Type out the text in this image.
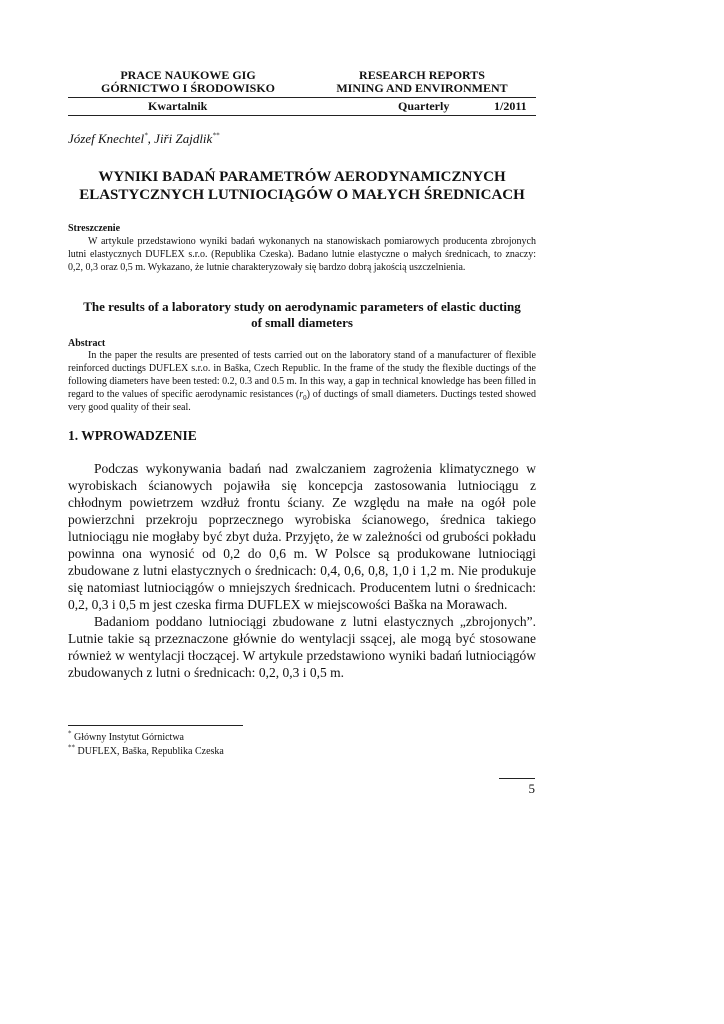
PRACE NAUKOWE GIG
GÓRNICTWO I ŚRODOWISKO
RESEARCH REPORTS
MINING AND ENVIRONMENT
Kwartalnik	Quarterly	1/2011
Józef Knechtel*, Jiři Zajdlik**
WYNIKI BADAŃ PARAMETRÓW AERODYNAMICZNYCH
ELASTYCZNYCH LUTNIOCIĄGÓW O MAŁYCH ŚREDNICACH
Streszczenie

W artykule przedstawiono wyniki badań wykonanych na stanowiskach pomiarowych producenta zbrojonych lutni elastycznych DUFLEX s.r.o. (Republika Czeska). Badano lutnie elastyczne o małych średnicach, to znaczy: 0,2, 0,3 oraz 0,5 m. Wykazano, że lutnie charakteryzowały się bardzo dobrą jakością uszczelnienia.

The results of a laboratory study on aerodynamic parameters of elastic ducting
of small diameters
Abstract

In the paper the results are presented of tests carried out on the laboratory stand of a manufacturer of flexible reinforced ductings DUFLEX s.r.o. in Baška, Czech Republic. In the frame of the study the flexible ductings of the following diameters have been tested: 0.2, 0.3 and 0.5 m. In this way, a gap in technical knowledge has been filled in regard to the values of specific aerodynamic resistances $(r_0)$ of ductings of small diameters. Ductings tested showed very good quality of their seal.

1. WPROWADZENIE

Podczas wykonywania badań nad zwalczaniem zagrożenia klimatycznego w wyrobiskach ścianowych pojawiła się koncepcja zastosowania lutniociągu z chłodnym powietrzem wzdłuż frontu ściany. Ze względu na małe na ogół pole powierzchni przekroju poprzecznego wyrobiska ścianowego, średnica takiego lutniociągu nie mogłaby być zbyt duża. Przyjęto, że w zależności od grubości pokładu powinna ona wynosić od 0,2 do 0,6 m. W Polsce są produkowane lutniociągi zbudowane z lutni elastycznych o średnicach: 0,4, 0,6, 0,8, 1,0 i 1,2 m. Nie produkuje się natomiast lutniociągów o mniejszych średnicach. Producentem lutni o średnicach: 0,2, 0,3 i 0,5 m jest czeska firma DUFLEX w miejscowości Baška na Morawach.

Badaniom poddano lutniociągi zbudowane z lutni elastycznych „zbrojonych”. Lutnie takie są przeznaczone głównie do wentylacji ssącej, ale mogą być stosowane również w wentylacji tłoczącej. W artykule przedstawiono wyniki badań lutniociągów zbudowanych z lutni o średnicach: 0,2, 0,3 i 0,5 m.

* Główny Instytut Górnictwa
** DUFLEX, Baška, Republika Czeska
5
